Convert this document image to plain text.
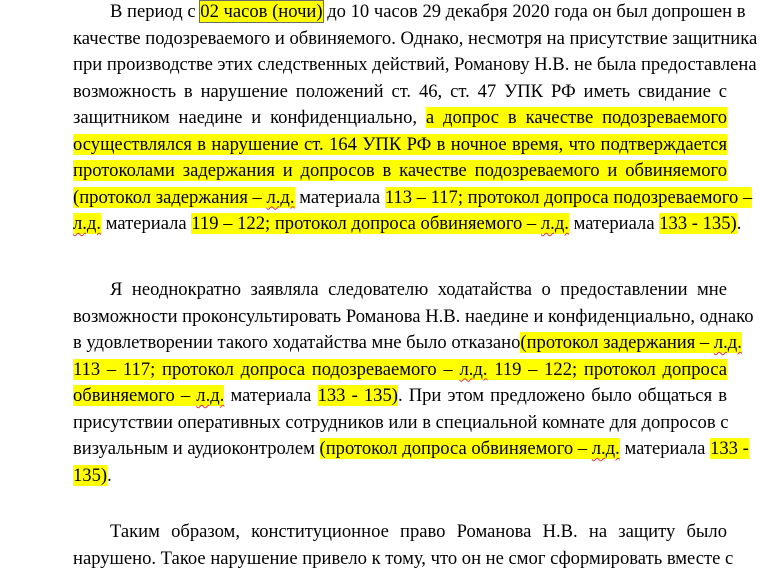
В период с 02 часов (ночи) до 10 часов 29 декабря 2020 года он был допрошен в
качестве подозреваемого и обвиняемого. Однако, несмотря на присутствие защитника
при производстве этих следственных действий, Романову Н.В. не была предоставлена
возможность в нарушение положений ст. 46, ст. 47 УПК РФ иметь свидание с
защитником наедине и конфиденциально, а допрос в качестве подозреваемого
осуществлялся в нарушение ст. 164 УПК РФ в ночное время, что подтверждается
протоколами задержания и допросов в качестве подозреваемого и обвиняемого
(протокол задержания – л.д. материала 113 – 117; протокол допроса подозреваемого –
л.д. материала 119 – 122; протокол допроса обвиняемого – л.д. материала 133 - 135).
Я неоднократно заявляла следователю ходатайства о предоставлении мне
возможности проконсультировать Романова Н.В. наедине и конфиденциально, однако
в удовлетворении такого ходатайства мне было отказано(протокол задержания – л.д.
113 – 117; протокол допроса подозреваемого – л.д. 119 – 122; протокол допроса
обвиняемого – л.д. материала 133 - 135). При этом предложено было общаться в
присутствии оперативных сотрудников или в специальной комнате для допросов с
визуальным и аудиоконтролем (протокол допроса обвиняемого – л.д. материала 133 -
135).
Таким образом, конституционное право Романова Н.В. на защиту было
нарушено. Такое нарушение привело к тому, что он не смог сформировать вместе с
